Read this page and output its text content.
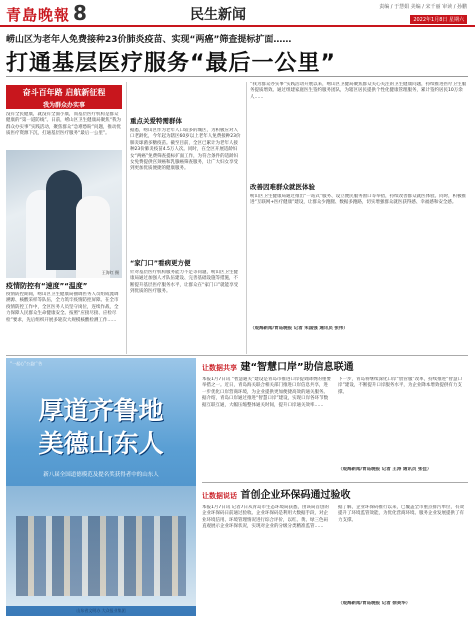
青島晚報 8	民生新闻	责编 / 于慧娟 美编 / 宋千丽 审读 / 孙鹏
2022年1月8日 星期六
崂山区为老年人免费接种23价肺炎疫苗、实现“两癌”筛查提标扩面……
打通基层医疗服务“最后一公里”
奋斗百年路 启航新征程
我为群众办实事
没有全民健康，就没有全面小康，而基层医疗机构是群众健康的“第一道防线”。日前，崂山区卫生健康局聚焦“我为群众办实事”实践活动，聚焦群众“急难愁盼”问题，推动优质医疗资源下沉，打通基层医疗服务“最后一公里”。
王海红 摄
疫情防控有“速度”“温度”
疫情防控期间，崂山区卫生健康局抽调医务人员组成流调溯源、核酸采样等队伍，全力筑牢疫情防控屏障。在全市疫情防控工作中，全区医务人员坚守岗位，连续作战，全力保障人民群众生命健康安全。按照“应接尽接、应检尽检”要求，先后组织开展多轮次大规模核酸检测工作……
重点关爱特需群体
据悉，崂山区作为老年人口较多的城区，为积极应对人口老龄化，今年起为辖区60岁以上老年人免费接种23价肺炎球菌多糖疫苗。截至目前，全区已累计为老年人接种23价肺炎疫苗4.5万人次。同时，在全区开展适龄妇女“两癌”免费筛查提标扩面工作，为符合条件的适龄妇女免费提供宫颈癌和乳腺癌筛查服务，让广大妇女享受到更加优质便捷的健康服务。
“家门口”看病更方便
针对基层医疗机构服务能力不足等问题，崂山区卫生健康局通过加强人才队伍建设、完善基础设施等措施，不断提升基层医疗服务水平，让群众在“家门口”就能享受到优质的医疗服务。
“我为群众办实事”实践活动开展以来，崂山区卫健局聚焦群众关心关注的卫生健康问题，持续推进医疗卫生服务提质增效。通过组建家庭医生签约服务团队，为辖区居民提供个性化健康管理服务，累计签约居民10万余人……
改善因难群众就医体验
崂山区卫生健康局通过推出“一站式”服务、设立便民服务窗口等举措，持续改善群众就医体验。同时，积极推进“互联网+医疗健康”建设，让群众少跑腿、数据多跑路，切实增强群众就医获得感、幸福感和安全感。
（观海新闻/青岛晚报 记者 朱国强 通讯员 张伟）
“一起心”公益广告
厚道齐鲁地
美德山东人
新八届全国道德模范及提名奖获得者中的山东人
山东省文明办 大众报业集团
让数据共享 建“智慧口岸”助信息联通
本报1月7日讯 “智慧通关”建设是青岛市推进口岸提效降费的重要举措之一。近日，青岛海关联合相关部门推进口岸信息共享，进一步优化口岸营商环境，为企业提供更加便捷高效的通关服务。据介绍，青岛口岸通过推进“智慧口岸”建设，实现口岸各环节数据互联互通，大幅压缩整体通关时间，提升口岸通关效率……
下一步，青岛将继续深化口岸“放管服”改革，持续推进“智慧口岸”建设，不断提升口岸服务水平，为企业降本增效提供有力支撑。
（观海新闻/青岛晚报 记者 王涛 通讯员 张佳）
让数据说话 首创企业环保码通过验收
本报1月7日讯 记者7日从青岛市生态环境局获悉，由该局首创的企业环保码日前通过验收。企业环保码是利用大数据手段，对企业环境信用、环境管理情况进行综合评价，以红、黄、绿三色码直观展示企业环保状况，实现对企业的分级分类精准监管……
据了解，企业环保码推行以来，已覆盖全市重点排污单位，有效提升了环境监管效能，为优化营商环境、服务企业发展提供了有力支撑。
（观海新闻/青岛晚报 记者 徐美华）
